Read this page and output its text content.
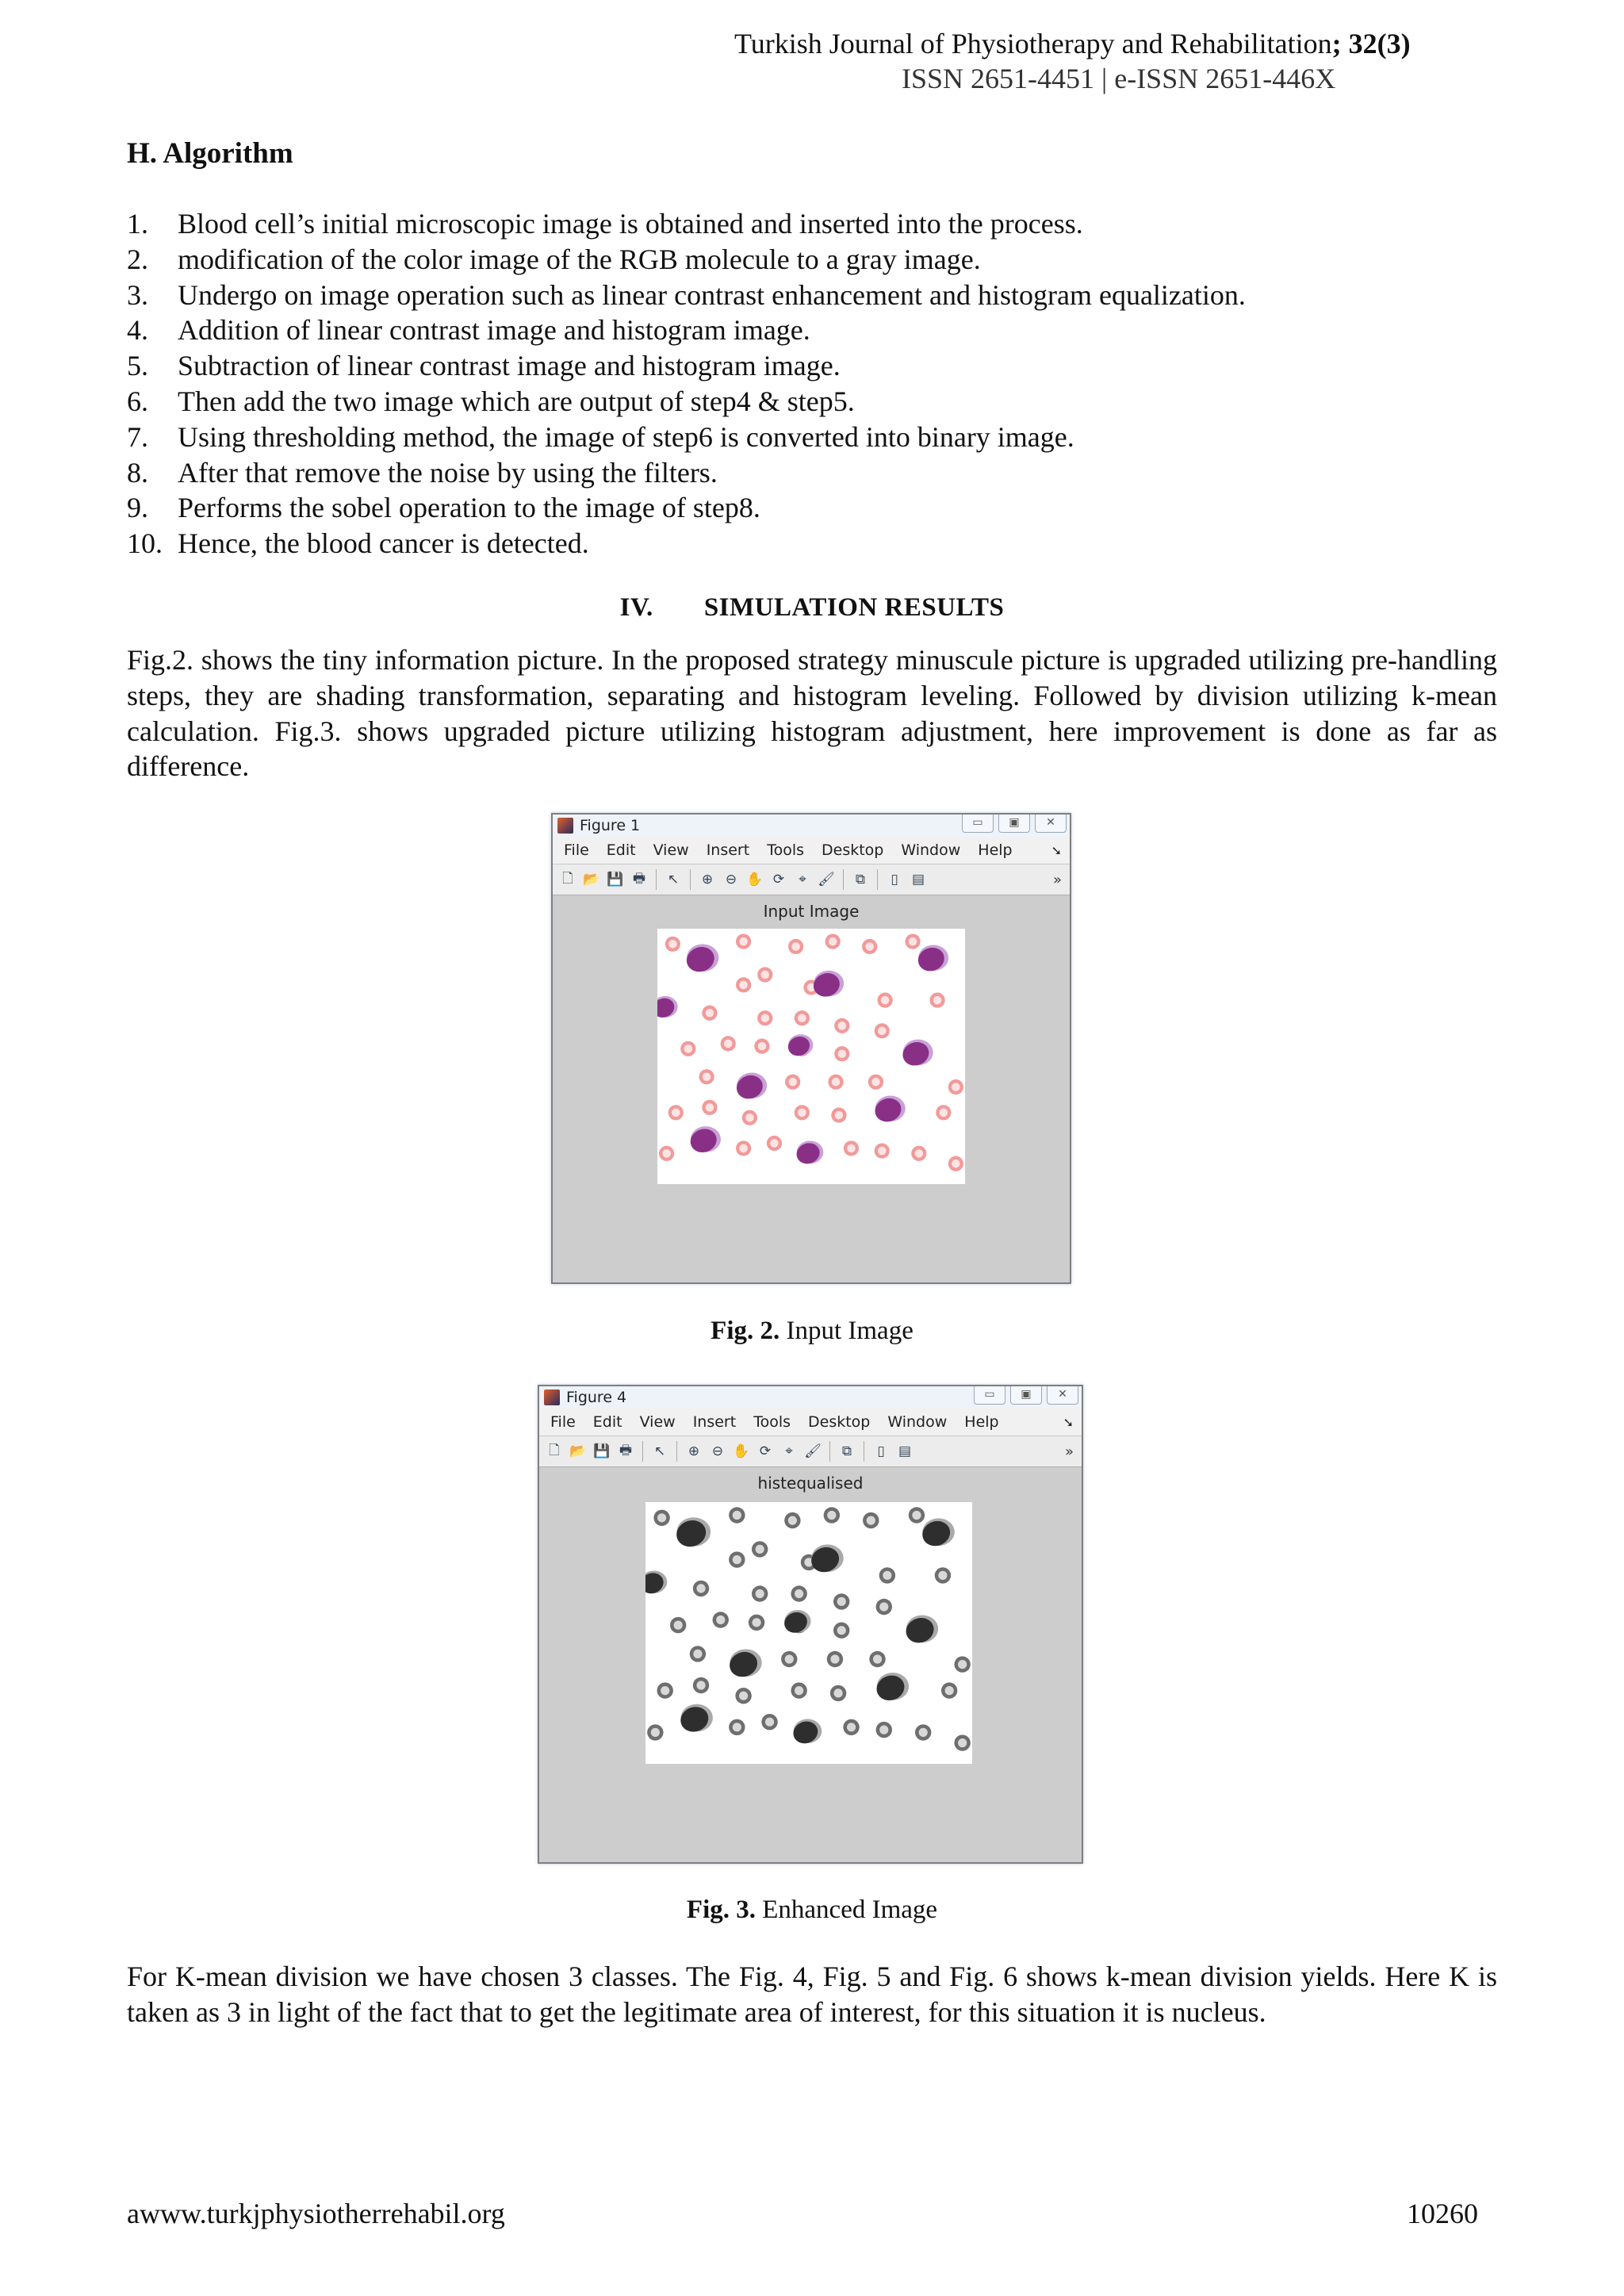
Turkish Journal of Physiotherapy and Rehabilitation; 32(3)
ISSN 2651-4451 | e-ISSN 2651-446X
H. Algorithm
1.	Blood cell’s initial microscopic image is obtained and inserted into the process.
2.	modification of the color image of the RGB molecule to a gray image.
3.	Undergo on image operation such as linear contrast enhancement and histogram equalization.
4.	Addition of linear contrast image and histogram image.
5.	Subtraction of linear contrast image and histogram image.
6.	Then add the two image which are output of step4 & step5.
7.	Using thresholding method, the image of step6 is converted into binary image.
8.	After that remove the noise by using the filters.
9.	Performs the sobel operation to the image of step8.
10. Hence, the blood cancer is detected.
IV. SIMULATION RESULTS

Fig.2. shows the tiny information picture. In the proposed strategy minuscule picture is upgraded utilizing pre-handling steps, they are shading transformation, separating and histogram leveling. Followed by division utilizing k-mean calculation. Fig.3. shows upgraded picture utilizing histogram adjustment, here improvement is done as far as difference.

Figure 1	▭	▣	✕
File Edit View Insert Tools Desktop Window Help	➘
🗋 📂 💾 🖶	↖	⊕ ⊖ ✋ ⟳	⌖ 🖌	⧉	▯	▤	»
Input Image
Fig. 2. Input Image
Figure 4	▭	▣	✕
File Edit View Insert Tools Desktop Window Help	➘
🗋 📂 💾 🖶	↖	⊕ ⊖ ✋ ⟳	⌖ 🖌	⧉	▯	▤	»
histequalised
Fig. 3. Enhanced Image

For K-mean division we have chosen 3 classes. The Fig. 4, Fig. 5 and Fig. 6 shows k-mean division yields. Here K is taken as 3 in light of the fact that to get the legitimate area of interest, for this situation it is nucleus.

awww.turkjphysiotherrehabil.org	10260
